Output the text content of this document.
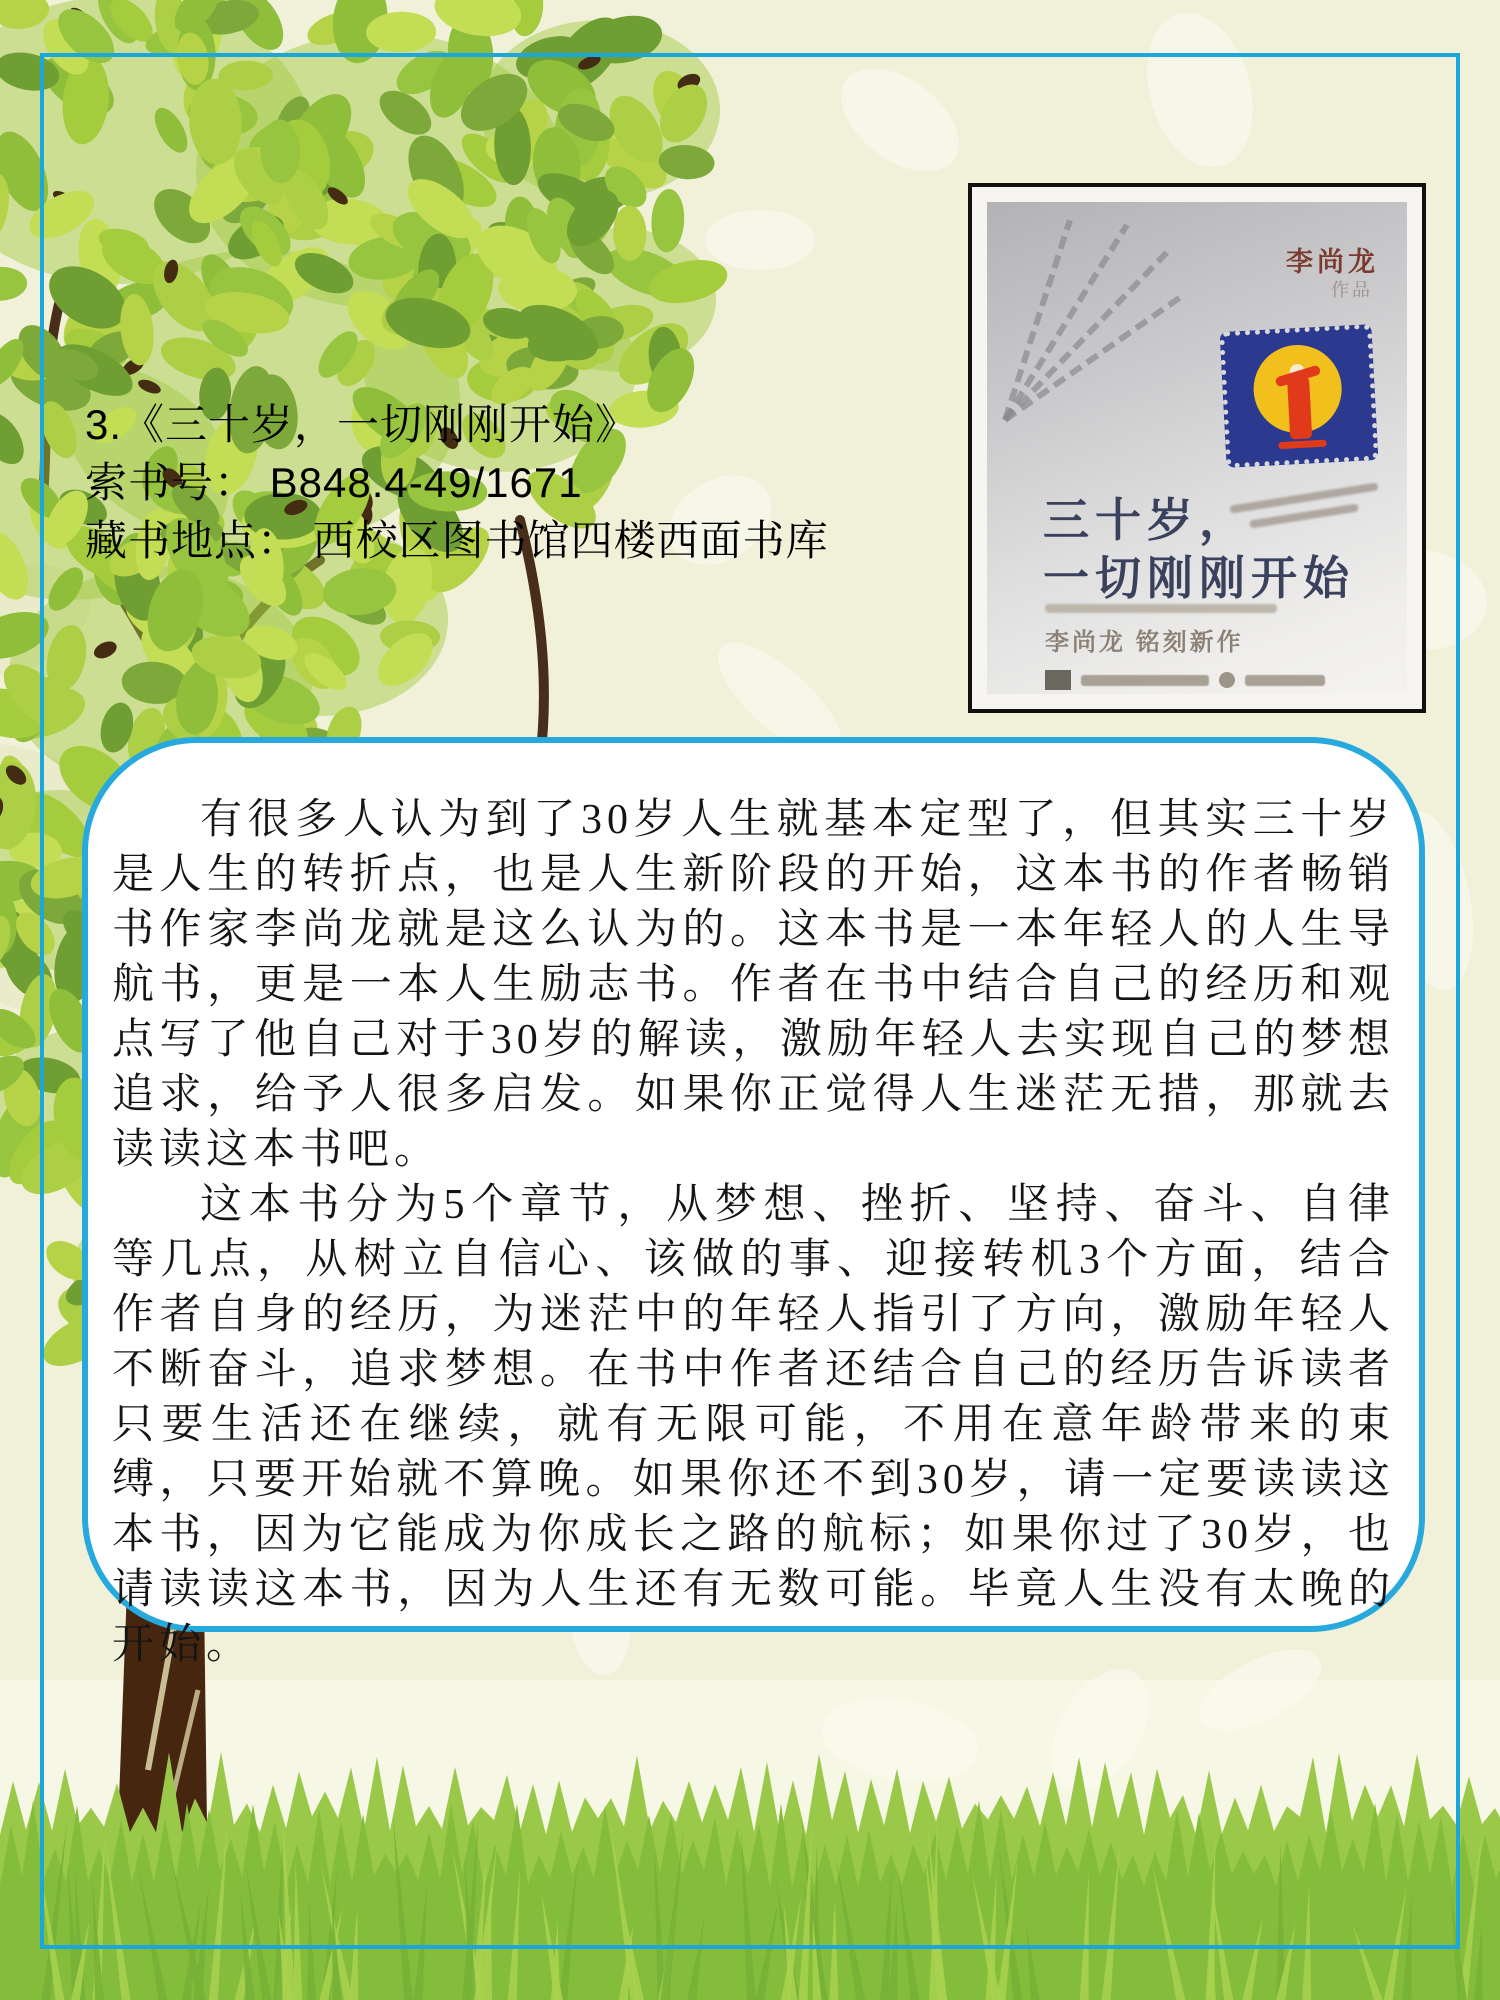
3.《三十岁，一切刚刚开始》
索书号： B848.4-49/1671
藏书地点： 西校区图书馆四楼西面书库
李尚龙
作品
三十岁，
一切刚刚开始
李尚龙 铭刻新作

有很多人认为到了30岁人生就基本定型了，但其实三十岁是人生的转折点，也是人生新阶段的开始，这本书的作者畅销书作家李尚龙就是这么认为的。这本书是一本年轻人的人生导航书，更是一本人生励志书。作者在书中结合自己的经历和观点写了他自己对于30岁的解读，激励年轻人去实现自己的梦想追求，给予人很多启发。如果你正觉得人生迷茫无措，那就去读读这本书吧。

这本书分为5个章节，从梦想、挫折、坚持、奋斗、自律等几点，从树立自信心、该做的事、迎接转机3个方面，结合作者自身的经历，为迷茫中的年轻人指引了方向，激励年轻人不断奋斗，追求梦想。在书中作者还结合自己的经历告诉读者只要生活还在继续，就有无限可能，不用在意年龄带来的束缚，只要开始就不算晚。如果你还不到30岁，请一定要读读这本书，因为它能成为你成长之路的航标；如果你过了30岁，也请读读这本书，因为人生还有无数可能。毕竟人生没有太晚的开始。
